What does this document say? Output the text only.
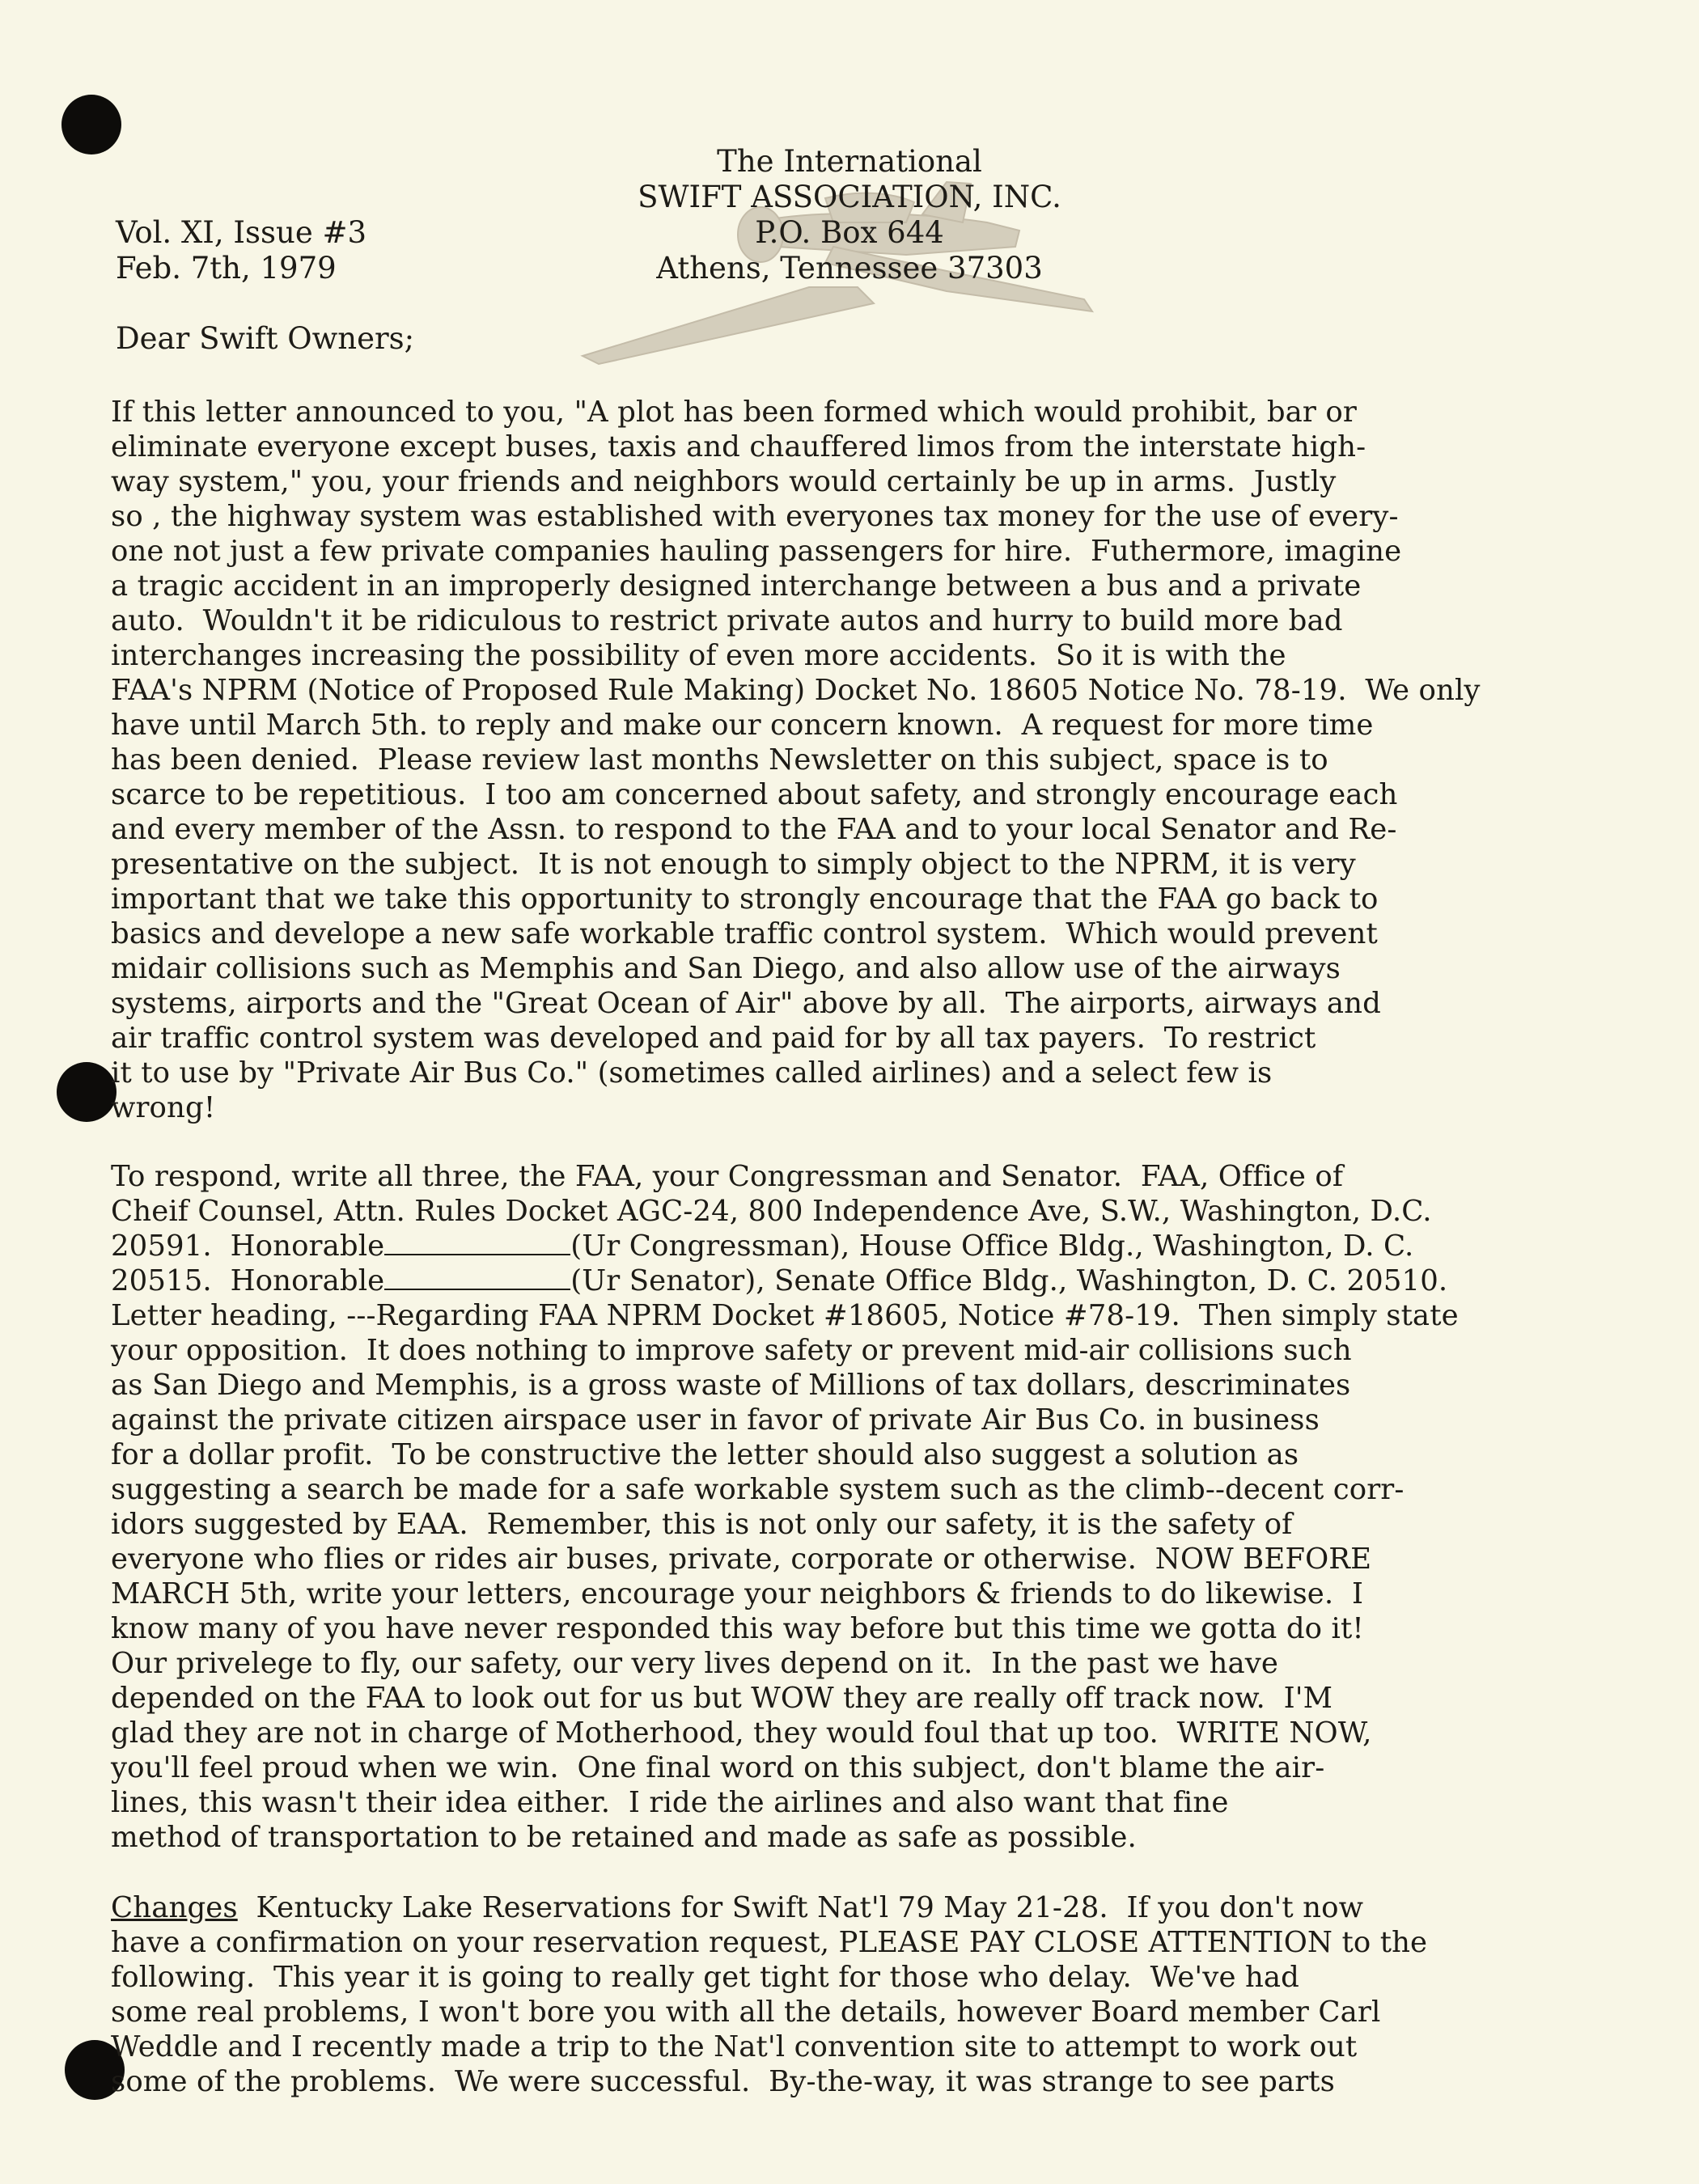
The International
SWIFT ASSOCIATION, INC.
P.O. Box 644
Athens, Tennessee 37303
Vol. XI, Issue #3
Feb. 7th, 1979
Dear Swift Owners;
If this letter announced to you, "A plot has been formed which would prohibit, bar or
eliminate everyone except buses, taxis and chauffered limos from the interstate high-
way system," you, your friends and neighbors would certainly be up in arms.  Justly
so , the highway system was established with everyones tax money for the use of every-
one not just a few private companies hauling passengers for hire.  Futhermore, imagine
a tragic accident in an improperly designed interchange between a bus and a private
auto.  Wouldn't it be ridiculous to restrict private autos and hurry to build more bad
interchanges increasing the possibility of even more accidents.  So it is with the
FAA's NPRM (Notice of Proposed Rule Making) Docket No. 18605 Notice No. 78-19.  We only
have until March 5th. to reply and make our concern known.  A request for more time
has been denied.  Please review last months Newsletter on this subject, space is to
scarce to be repetitious.  I too am concerned about safety, and strongly encourage each
and every member of the Assn. to respond to the FAA and to your local Senator and Re-
presentative on the subject.  It is not enough to simply object to the NPRM, it is very
important that we take this opportunity to strongly encourage that the FAA go back to
basics and develope a new safe workable traffic control system.  Which would prevent
midair collisions such as Memphis and San Diego, and also allow use of the airways
systems, airports and the "Great Ocean of Air" above by all.  The airports, airways and
air traffic control system was developed and paid for by all tax payers.  To restrict
it to use by "Private Air Bus Co." (sometimes called airlines) and a select few is
wrong!
To respond, write all three, the FAA, your Congressman and Senator.  FAA, Office of
Cheif Counsel, Attn. Rules Docket AGC-24, 800 Independence Ave, S.W., Washington, D.C.
20591.  Honorable	(Ur Congressman), House Office Bldg., Washington, D. C.
20515.  Honorable	(Ur Senator), Senate Office Bldg., Washington, D. C. 20510.
Letter heading, ---Regarding FAA NPRM Docket #18605, Notice #78-19.  Then simply state
your opposition.  It does nothing to improve safety or prevent mid-air collisions such
as San Diego and Memphis, is a gross waste of Millions of tax dollars, descriminates
against the private citizen airspace user in favor of private Air Bus Co. in business
for a dollar profit.  To be constructive the letter should also suggest a solution as
suggesting a search be made for a safe workable system such as the climb--decent corr-
idors suggested by EAA.  Remember, this is not only our safety, it is the safety of
everyone who flies or rides air buses, private, corporate or otherwise.  NOW BEFORE
MARCH 5th, write your letters, encourage your neighbors & friends to do likewise.  I
know many of you have never responded this way before but this time we gotta do it!
Our privelege to fly, our safety, our very lives depend on it.  In the past we have
depended on the FAA to look out for us but WOW they are really off track now.  I'M
glad they are not in charge of Motherhood, they would foul that up too.  WRITE NOW,
you'll feel proud when we win.  One final word on this subject, don't blame the air-
lines, this wasn't their idea either.  I ride the airlines and also want that fine
method of transportation to be retained and made as safe as possible.
Changes  Kentucky Lake Reservations for Swift Nat'l 79 May 21-28.  If you don't now
have a confirmation on your reservation request, PLEASE PAY CLOSE ATTENTION to the
following.  This year it is going to really get tight for those who delay.  We've had
some real problems, I won't bore you with all the details, however Board member Carl
Weddle and I recently made a trip to the Nat'l convention site to attempt to work out
some of the problems.  We were successful.  By-the-way, it was strange to see parts
